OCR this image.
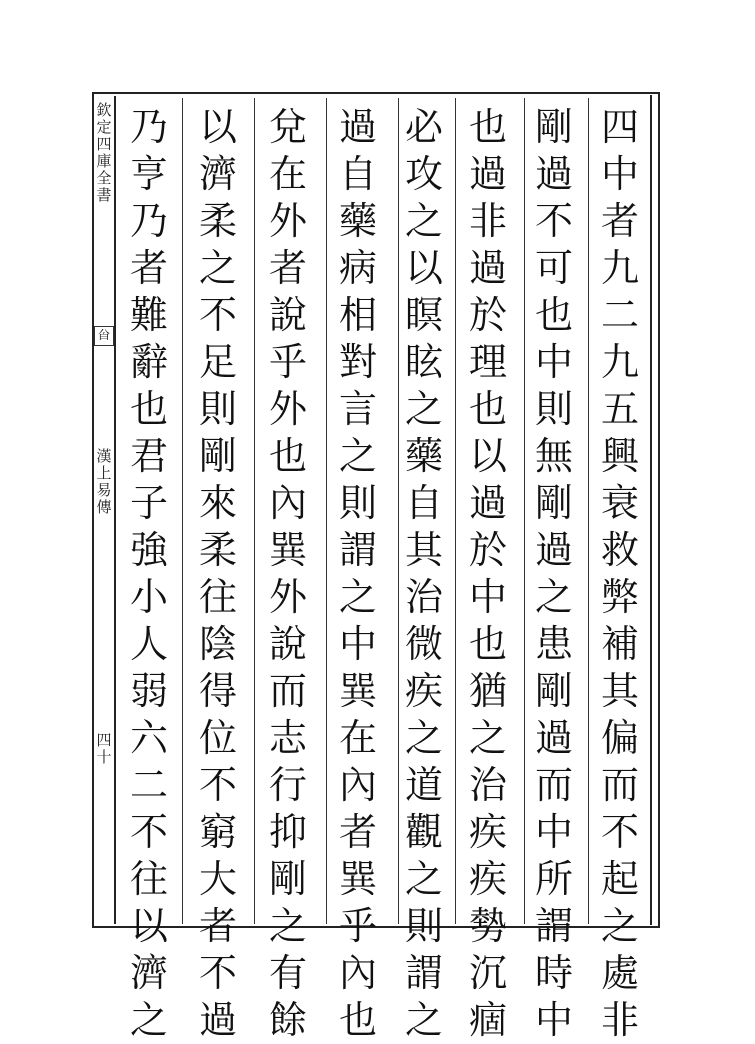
欽
定
四
庫
全
書
㒶
漢
上
易
傳
四
十
四
中
者
九
二
九
五
興
衰
救
弊
補
其
偏
而
不
起
之
處
非
剛
過
不
可
也
中
則
無
剛
過
之
患
剛
過
而
中
所
謂
時
中
也
過
非
過
於
理
也
以
過
於
中
也
猶
之
治
疾
疾
勢
沉
痼
必
攻
之
以
瞑
眩
之
藥
自
其
治
微
疾
之
道
觀
之
則
謂
之
過
自
藥
病
相
對
言
之
則
謂
之
中
巽
在
內
者
巽
乎
內
也
兌
在
外
者
說
乎
外
也
內
巽
外
說
而
志
行
抑
剛
之
有
餘
以
濟
柔
之
不
足
則
剛
來
柔
往
陰
得
位
不
窮
大
者
不
過
乃
亨
乃
者
難
辭
也
君
子
強
小
人
弱
六
二
不
往
以
濟
之
